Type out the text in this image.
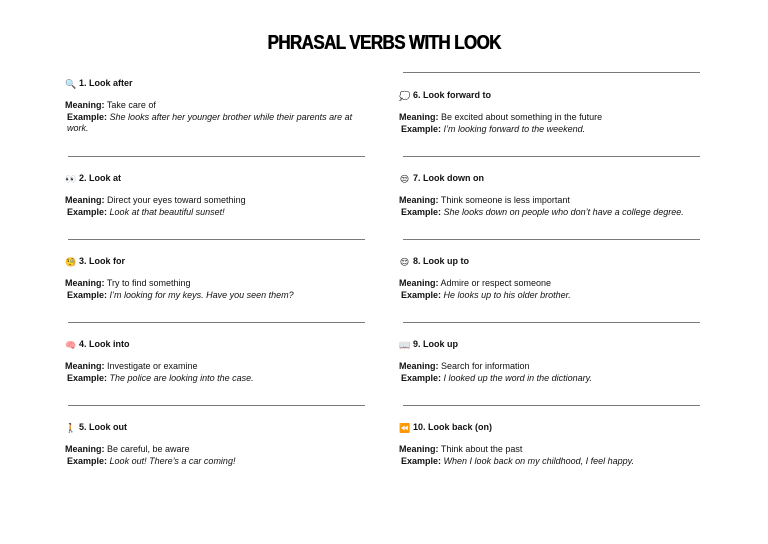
PHRASAL VERBS WITH LOOK
🔍 1. Look after
Meaning: Take care of
Example: She looks after her younger brother while their parents are at work.
👀 2. Look at
Meaning: Direct your eyes toward something
Example: Look at that beautiful sunset!
🧐 3. Look for
Meaning: Try to find something
Example: I’m looking for my keys. Have you seen them?
🧠 4. Look into
Meaning: Investigate or examine
Example: The police are looking into the case.
🚶 5. Look out
Meaning: Be careful, be aware
Example: Look out! There’s a car coming!
💭 6. Look forward to
Meaning: Be excited about something in the future
Example: I’m looking forward to the weekend.
😒 7. Look down on
Meaning: Think someone is less important
Example: She looks down on people who don’t have a college degree.
😌 8. Look up to
Meaning: Admire or respect someone
Example: He looks up to his older brother.
📖 9. Look up
Meaning: Search for information
Example: I looked up the word in the dictionary.
⏪ 10. Look back (on)
Meaning: Think about the past
Example: When I look back on my childhood, I feel happy.
